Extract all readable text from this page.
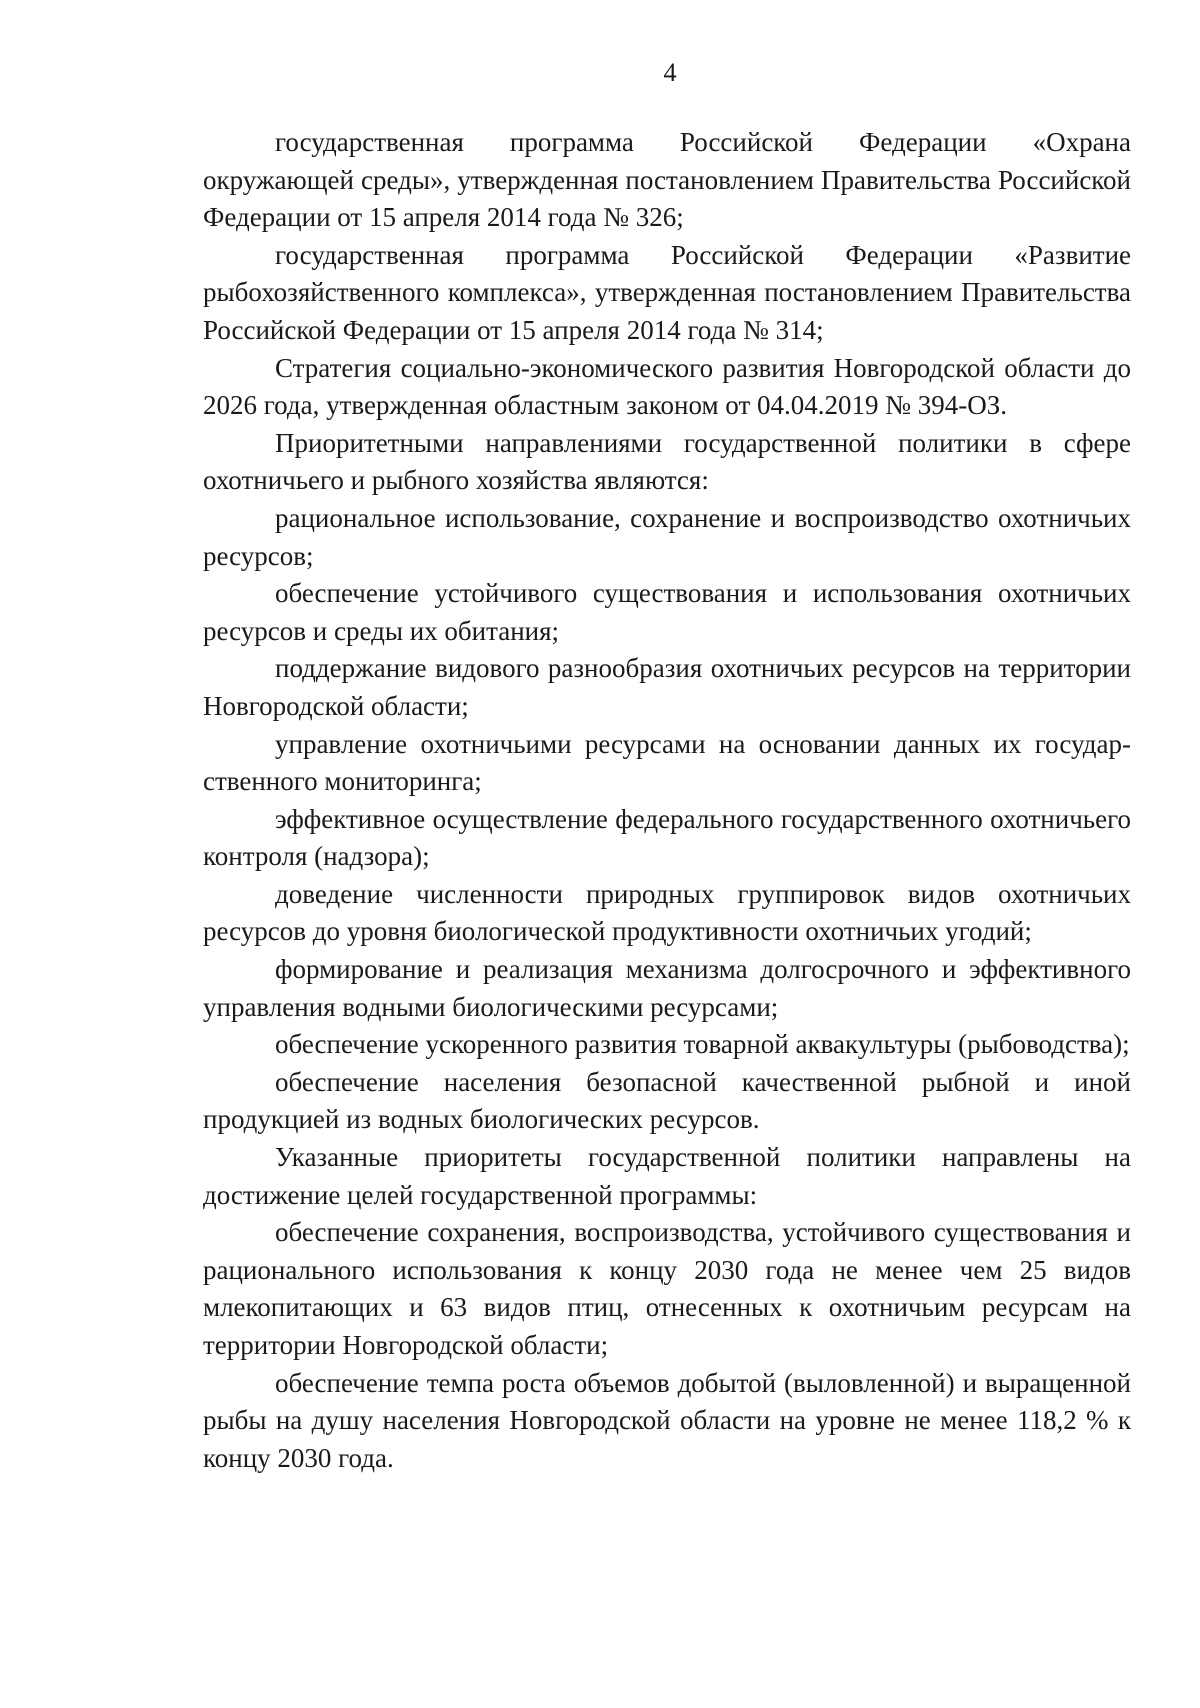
4

государственная программа Российской Федерации «Охрана окружающей среды», утвержденная постановлением Правительства Российской Федерации от 15 апреля 2014 года № 326;

государственная программа Российской Федерации «Развитие рыбохозяйственного комплекса», утвержденная постановлением Правительства Российской Федерации от 15 апреля 2014 года № 314;

Стратегия социально-экономического развития Новгородской области до 2026 года, утвержденная областным законом от 04.04.2019 № 394-ОЗ.

Приоритетными направлениями государственной политики в сфере охотничьего и рыбного хозяйства являются:

рациональное использование, сохранение и воспроизводство охотничьих ресурсов;

обеспечение устойчивого существования и использования охотничьих ресурсов и среды их обитания;

поддержание видового разнообразия охотничьих ресурсов на территории Новгородской области;

управление охотничьими ресурсами на основании данных их государственного мониторинга;

эффективное осуществление федерального государственного охотничьего контроля (надзора);

доведение численности природных группировок видов охотничьих ресурсов до уровня биологической продуктивности охотничьих угодий;

формирование и реализация механизма долгосрочного и эффективного управления водными биологическими ресурсами;

обеспечение ускоренного развития товарной аквакультуры (рыбоводства);

обеспечение населения безопасной качественной рыбной и иной продукцией из водных биологических ресурсов.

Указанные приоритеты государственной политики направлены на достижение целей государственной программы:

обеспечение сохранения, воспроизводства, устойчивого существования и рационального использования к концу 2030 года не менее чем 25 видов млекопитающих и 63 видов птиц, отнесенных к охотничьим ресурсам на территории Новгородской области;

обеспечение темпа роста объемов добытой (выловленной) и выращенной рыбы на душу населения Новгородской области на уровне не менее 118,2 % к концу 2030 года.
